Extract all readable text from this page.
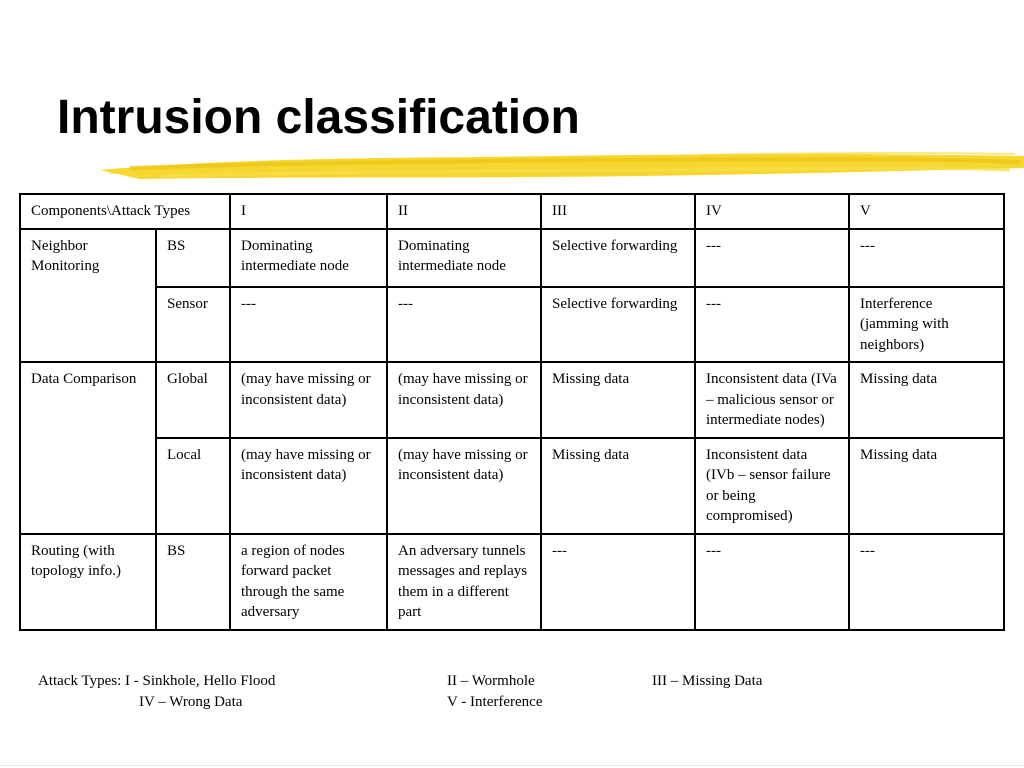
Intrusion classification
Components\Attack Types		I	II	III	IV	V
Neighbor Monitoring	BS	Dominating intermediate node	Dominating intermediate node	Selective forwarding	---	---
	Sensor	---	---	Selective forwarding	---	Interference (jamming with neighbors)
Data Comparison	Global	(may have missing or inconsistent data)	(may have missing or inconsistent data)	Missing data	Inconsistent data (IVa – malicious sensor or intermediate nodes)	Missing data
	Local	(may have missing or inconsistent data)	(may have missing or inconsistent data)	Missing data	Inconsistent data (IVb – sensor failure or being compromised)	Missing data
Routing (with topology info.)	BS	a region of nodes forward packet through the same adversary	An adversary tunnels messages and replays them in a different part	---	---	---
Attack Types: I - Sinkhole, Hello Flood	II – Wormhole	III – Missing Data
IV – Wrong Data	V - Interference
